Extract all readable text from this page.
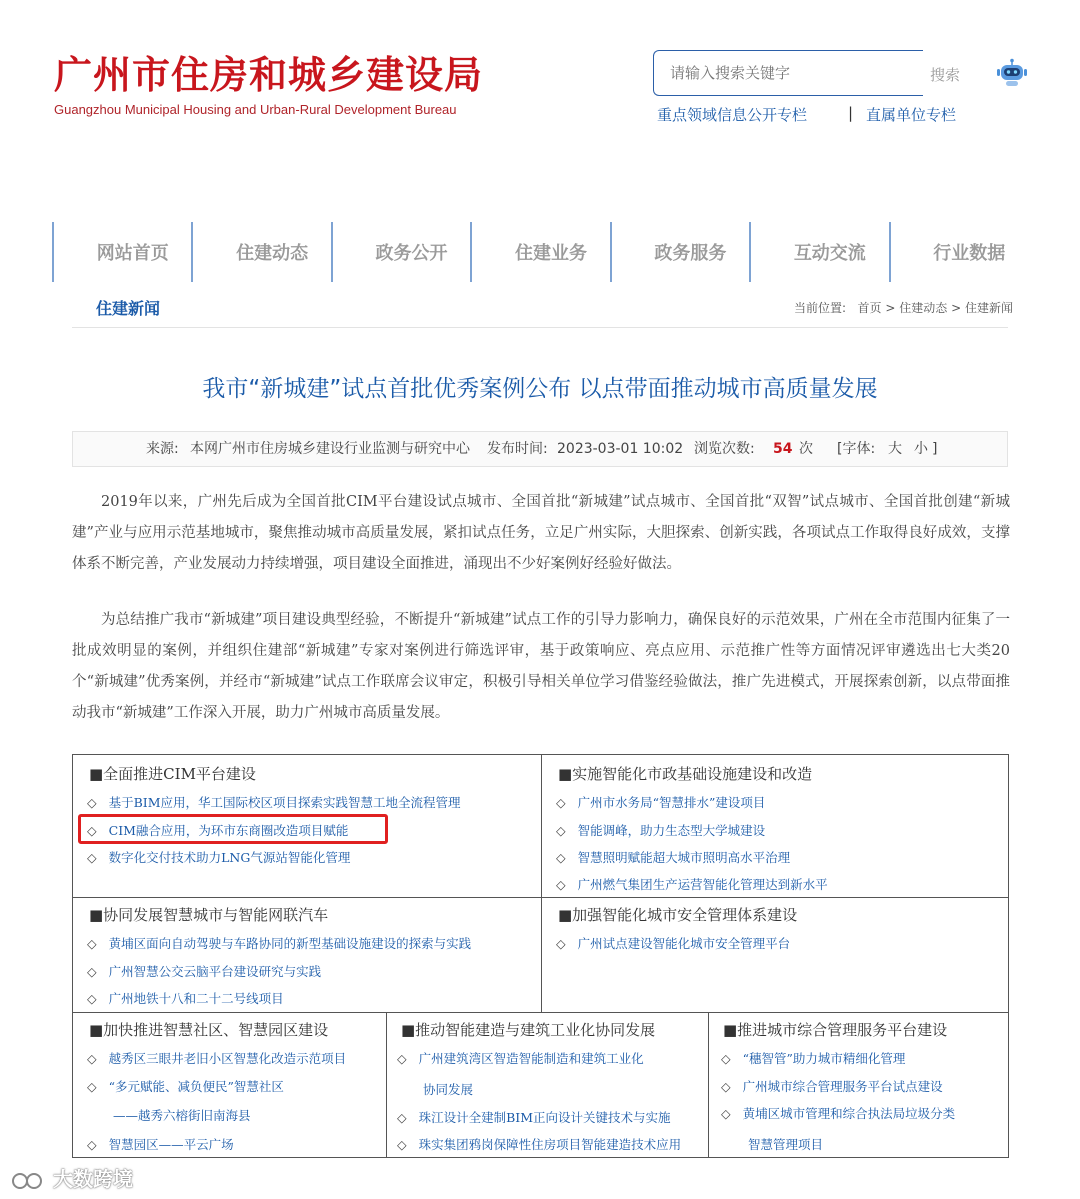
广州市住房和城乡建设局
Guangzhou Municipal Housing and Urban-Rural Development Bureau
请输入搜索关键字
搜索
重点领域信息公开专栏	| 直属单位专栏
网站首页	住建动态	政务公开	住建业务	政务服务	互动交流	行业数据
住建新闻	当前位置: 首页 > 住建动态 > 住建新闻
我市“新城建”试点首批优秀案例公布 以点带面推动城市高质量发展
来源: 本网广州市住房城乡建设行业监测与研究中心 发布时间: 2023-03-01 10:02 浏览次数: 54 次 [字体: 大 小 ]
2019年以来，广州先后成为全国首批CIM平台建设试点城市、全国首批“新城建”试点城市、全国首批“双智”试点城市、全国首批创建“新城建”产业与应用示范基地城市，聚焦推动城市高质量发展，紧扣试点任务，立足广州实际，大胆探索、创新实践，各项试点工作取得良好成效，支撑体系不断完善，产业发展动力持续增强，项目建设全面推进，涌现出不少好案例好经验好做法。
为总结推广我市“新城建”项目建设典型经验，不断提升“新城建”试点工作的引导力影响力，确保良好的示范效果，广州在全市范围内征集了一批成效明显的案例，并组织住建部“新城建”专家对案例进行筛选评审，基于政策响应、亮点应用、示范推广性等方面情况评审遴选出七大类20个“新城建”优秀案例，并经市“新城建”试点工作联席会议审定，积极引导相关单位学习借鉴经验做法，推广先进模式，开展探索创新，以点带面推动我市“新城建”工作深入开展，助力广州城市高质量发展。
■全面推进CIM平台建设
◇ 基于BIM应用，华工国际校区项目探索实践智慧工地全流程管理
◇ CIM融合应用，为环市东商圈改造项目赋能
◇ 数字化交付技术助力LNG气源站智能化管理
■实施智能化市政基础设施建设和改造
◇ 广州市水务局“智慧排水”建设项目
◇ 智能调峰，助力生态型大学城建设
◇ 智慧照明赋能超大城市照明高水平治理
◇ 广州燃气集团生产运营智能化管理达到新水平
■协同发展智慧城市与智能网联汽车
◇ 黄埔区面向自动驾驶与车路协同的新型基础设施建设的探索与实践
◇ 广州智慧公交云脑平台建设研究与实践
◇ 广州地铁十八和二十二号线项目
■加强智能化城市安全管理体系建设
◇ 广州试点建设智能化城市安全管理平台
■加快推进智慧社区、智慧园区建设
◇ 越秀区三眼井老旧小区智慧化改造示范项目
◇ “多元赋能、减负便民”智慧社区
——越秀六榕街旧南海县
◇ 智慧园区——平云广场
■推动智能建造与建筑工业化协同发展
◇ 广州建筑湾区智造智能制造和建筑工业化
协同发展
◇ 珠江设计全建制BIM正向设计关键技术与实施
◇ 珠实集团鸦岗保障性住房项目智能建造技术应用
■推进城市综合管理服务平台建设
◇ “穗智管”助力城市精细化管理
◇ 广州城市综合管理服务平台试点建设
◇ 黄埔区城市管理和综合执法局垃圾分类
智慧管理项目
大数跨境
